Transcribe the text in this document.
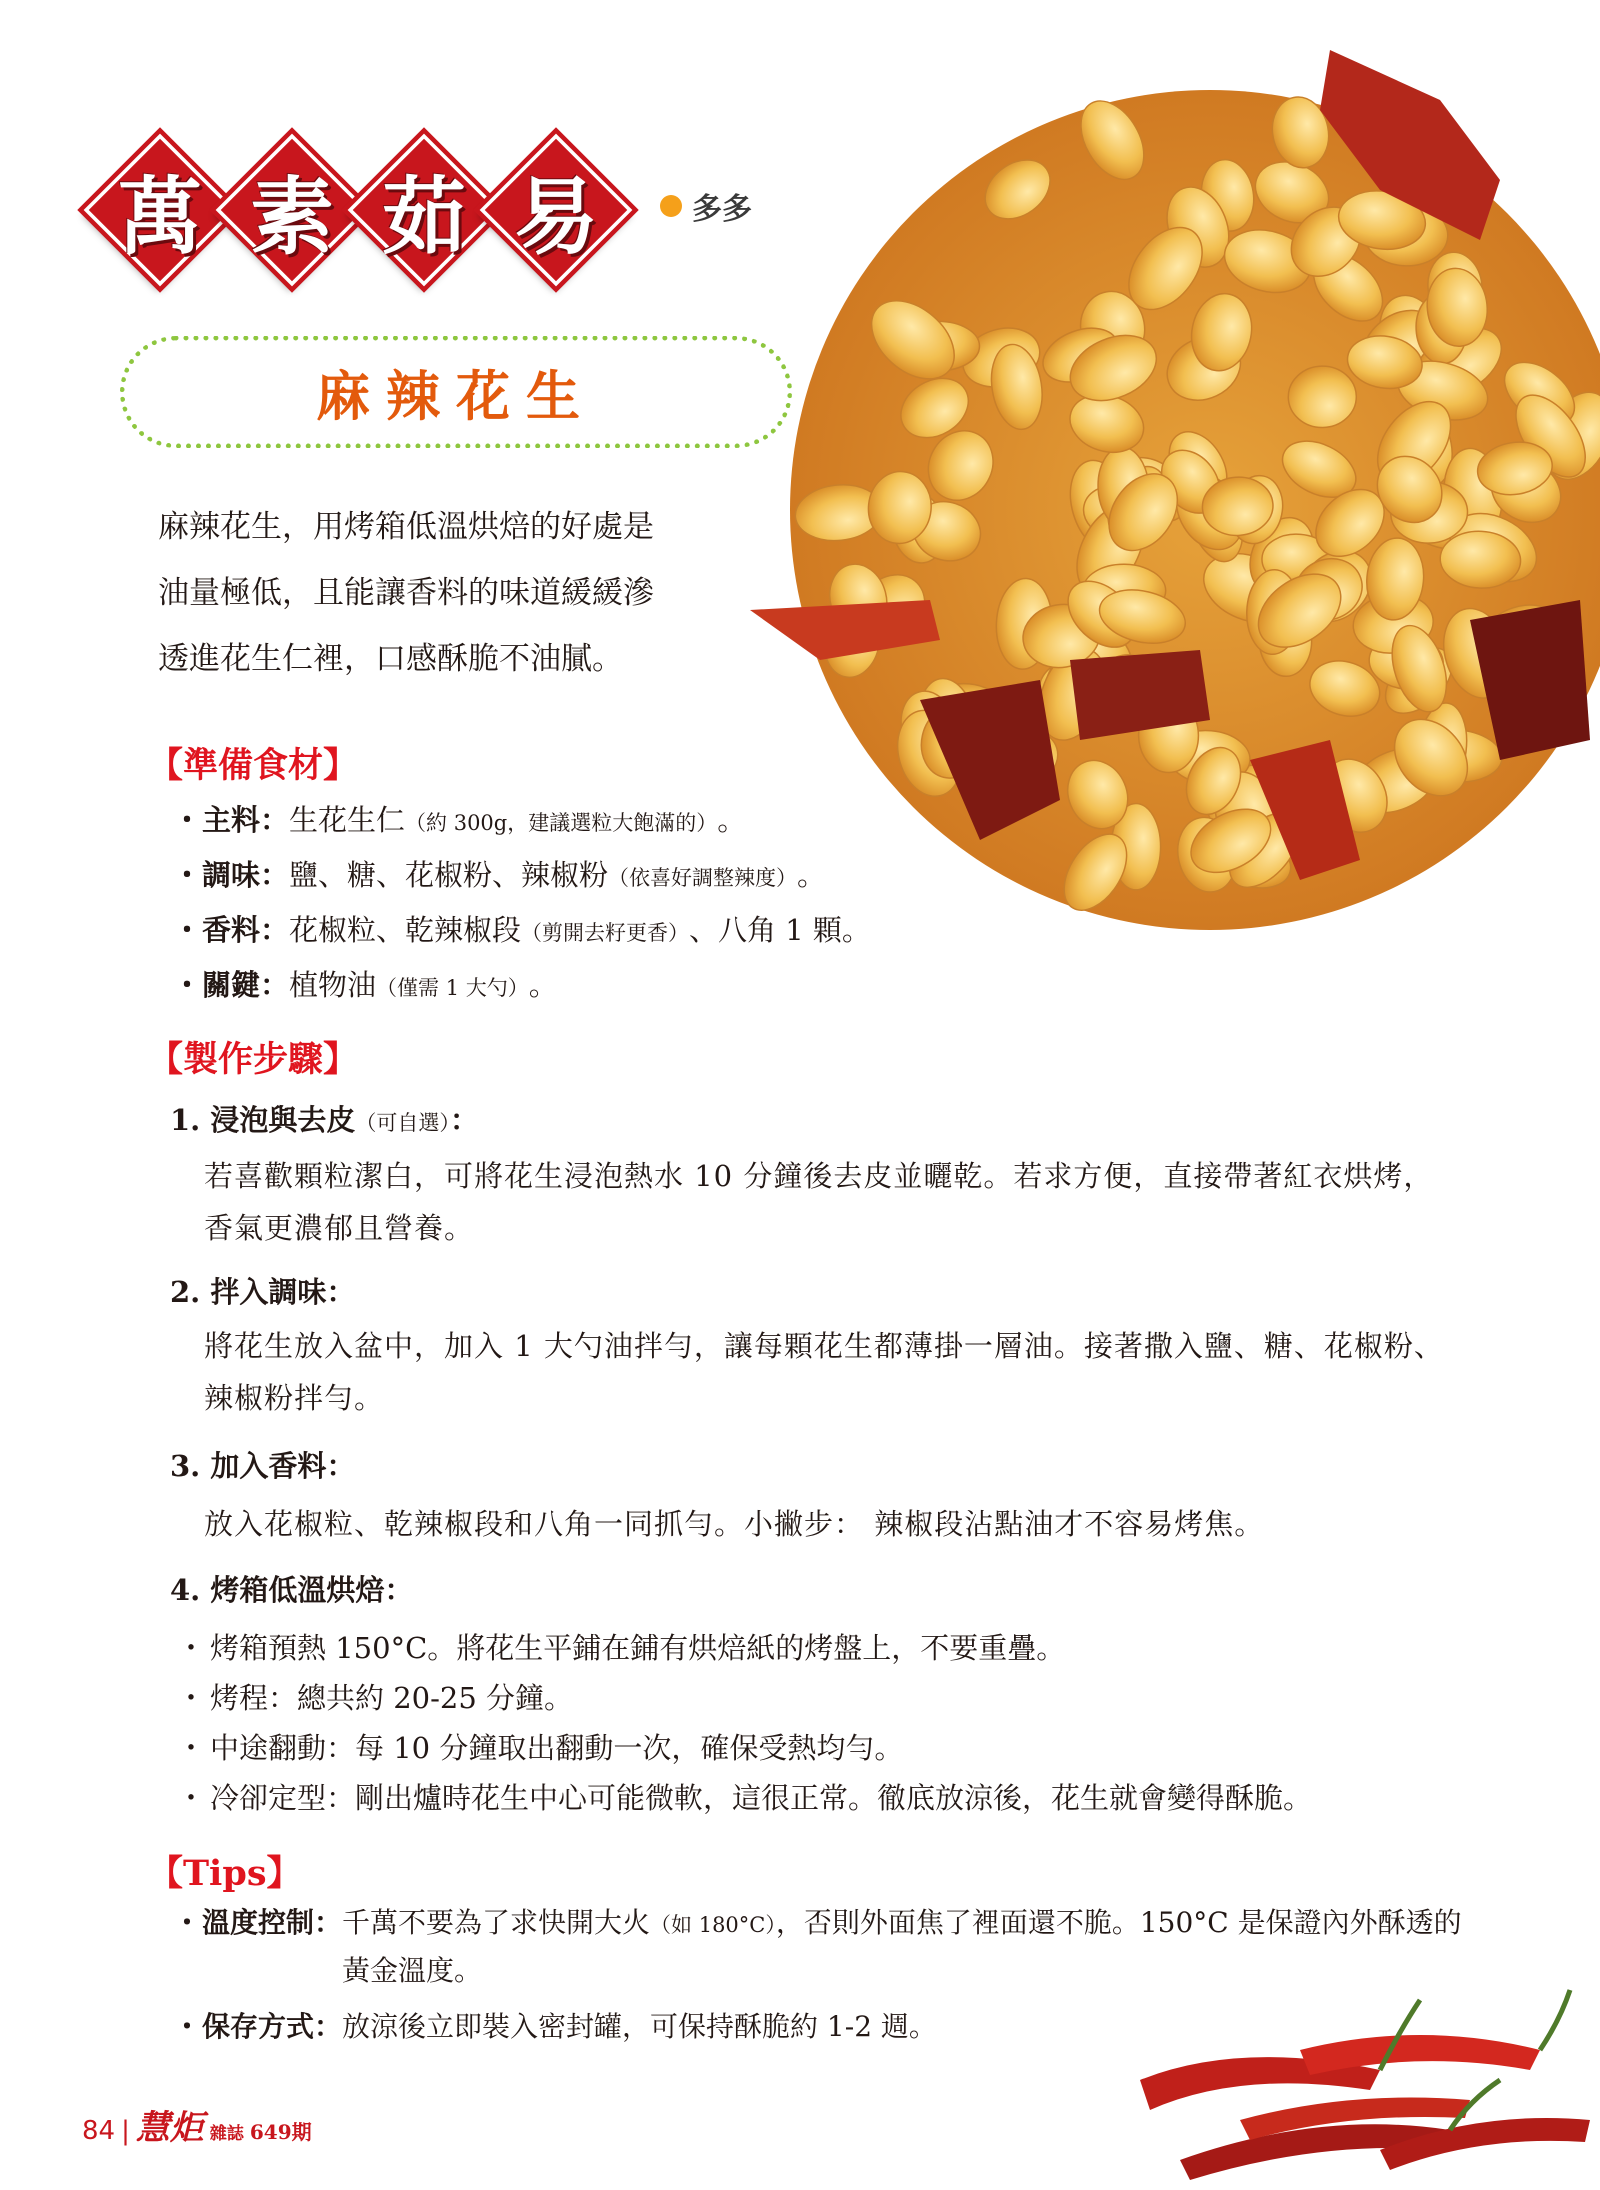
萬 素 茹 易	多多
麻辣花生
麻辣花生，用烤箱低溫烘焙的好處是
油量極低，且能讓香料的味道緩緩滲
透進花生仁裡，口感酥脆不油膩。
【準備食材】
・ 主料： 生花生仁 （約 300g，建議選粒大飽滿的） 。
・ 調味： 鹽、糖、花椒粉、辣椒粉 （依喜好調整辣度） 。
・ 香料： 花椒粒、乾辣椒段 （剪開去籽更香） 、八角 1 顆。
・ 關鍵： 植物油 （僅需 1 大勺） 。
【製作步驟】
1. 浸泡與去皮（可自選）：
若喜歡顆粒潔白，可將花生浸泡熱水 10 分鐘後去皮並曬乾。若求方便，直接帶著紅衣烘烤，
香氣更濃郁且營養。
2. 拌入調味：
將花生放入盆中，加入 1 大勺油拌勻，讓每顆花生都薄掛一層油。接著撒入鹽、糖、花椒粉、
辣椒粉拌勻。
3. 加入香料：
放入花椒粒、乾辣椒段和八角一同抓勻。小撇步： 辣椒段沾點油才不容易烤焦。
4. 烤箱低溫烘焙：
・ 烤箱預熱 150°C。將花生平鋪在鋪有烘焙紙的烤盤上，不要重疊。
・ 烤程：總共約 20-25 分鐘。
・ 中途翻動：每 10 分鐘取出翻動一次，確保受熱均勻。
・ 冷卻定型：剛出爐時花生中心可能微軟，這很正常。徹底放涼後，花生就會變得酥脆。
【Tips】
・ 溫度控制： 千萬不要為了求快開大火（如 180°C），否則外面焦了裡面還不脆。150°C 是保證內外酥透的
黃金溫度。
・ 保存方式： 放涼後立即裝入密封罐，可保持酥脆約 1-2 週。
84 | 慧炬 雜誌 649期
